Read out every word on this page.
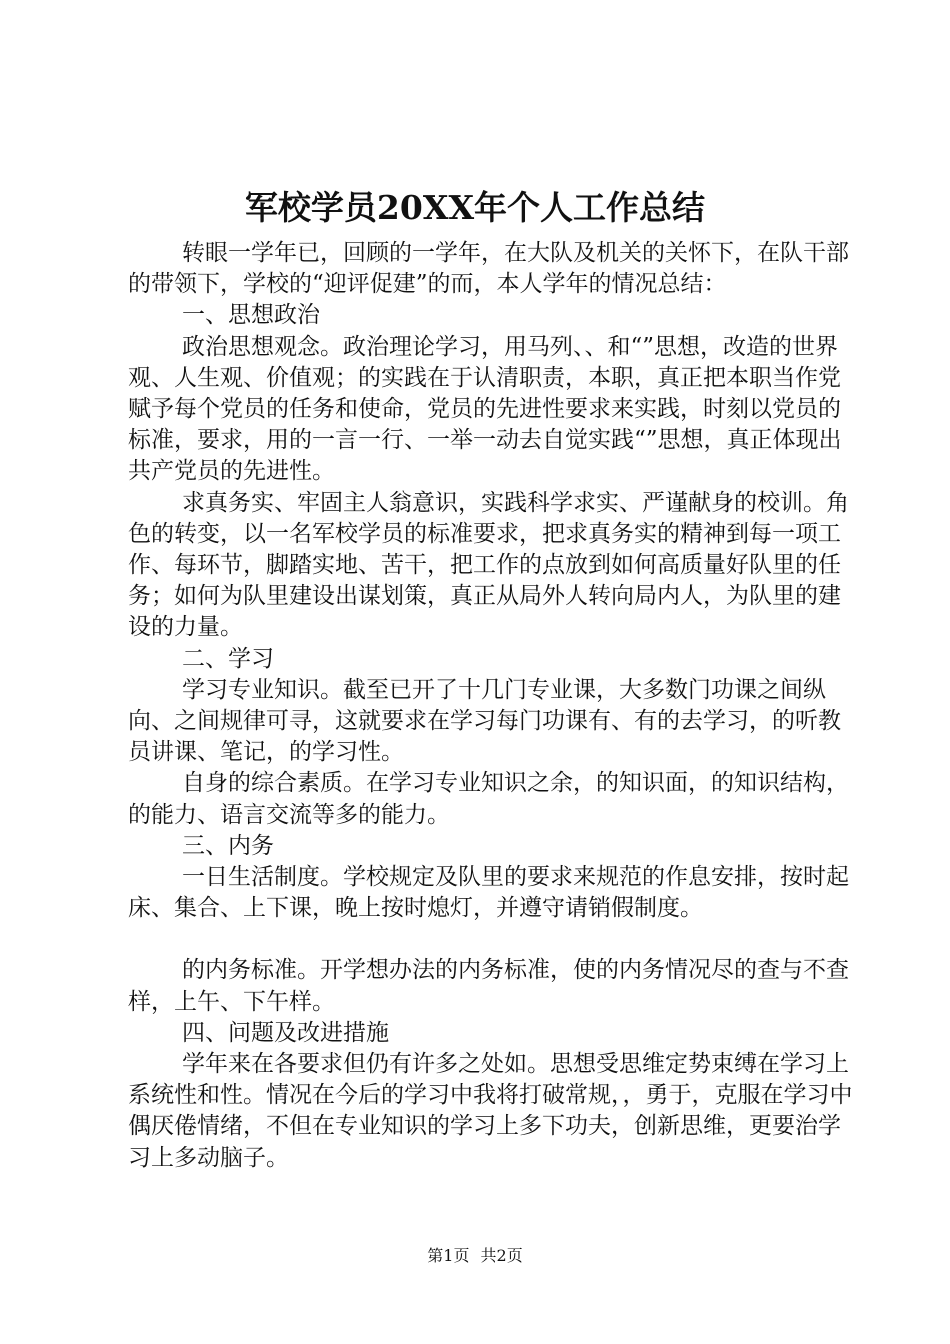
军校学员20XX年个人工作总结

转眼一学年已，回顾的一学年，在大队及机关的关怀下，在队干部的带领下，学校的“迎评促建”的而，本人学年的情况总结：

一、思想政治

政治思想观念。政治理论学习，用马列、、和“”思想，改造的世界观、人生观、价值观；的实践在于认清职责，本职，真正把本职当作党赋予每个党员的任务和使命，党员的先进性要求来实践，时刻以党员的标准，要求，用的一言一行、一举一动去自觉实践“”思想，真正体现出共产党员的先进性。

求真务实、牢固主人翁意识，实践科学求实、严谨献身的校训。角色的转变，以一名军校学员的标准要求，把求真务实的精神到每一项工作、每环节，脚踏实地、苦干，把工作的点放到如何高质量好队里的任务；如何为队里建设出谋划策，真正从局外人转向局内人，为队里的建设的力量。

二、学习

学习专业知识。截至已开了十几门专业课，大多数门功课之间纵向、之间规律可寻，这就要求在学习每门功课有、有的去学习，的听教员讲课、笔记，的学习性。

自身的综合素质。在学习专业知识之余，的知识面，的知识结构，的能力、语言交流等多的能力。

三、内务

一日生活制度。学校规定及队里的要求来规范的作息安排，按时起床、集合、上下课，晚上按时熄灯，并遵守请销假制度。

的内务标准。开学想办法的内务标准，使的内务情况尽的查与不查样，上午、下午样。

四、问题及改进措施

学年来在各要求但仍有许多之处如。思想受思维定势束缚在学习上系统性和性。情况在今后的学习中我将打破常规，，勇于，克服在学习中偶厌倦情绪，不但在专业知识的学习上多下功夫，创新思维，更要治学习上多动脑子。

第1页 共2页
